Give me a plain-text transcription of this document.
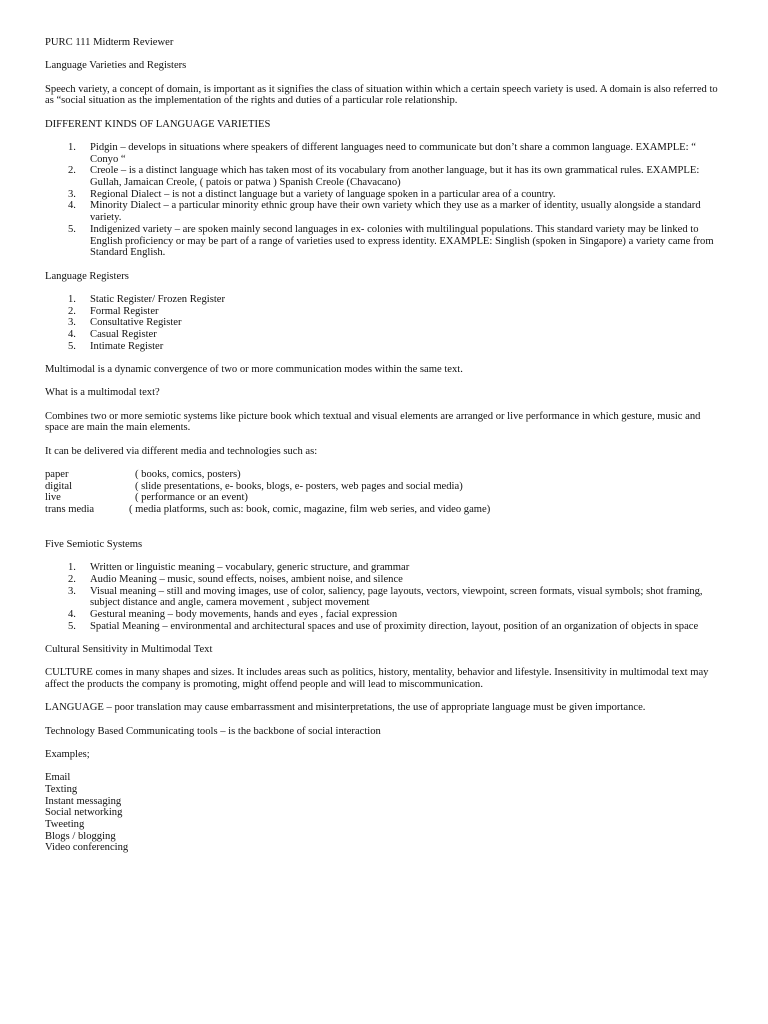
PURC 111 Midterm Reviewer

Language Varieties and Registers

Speech variety, a concept of domain, is important as it signifies the class of situation within which a certain speech variety is used. A domain is also referred to as “social situation as the implementation of the rights and duties of a particular role relationship.

DIFFERENT KINDS OF LANGUAGE VARIETIES

1. Pidgin – develops in situations where speakers of different languages need to communicate but don’t share a common language. EXAMPLE: “ Conyo “
2. Creole – is a distinct language which has taken most of its vocabulary from another language, but it has its own grammatical rules. EXAMPLE: Gullah, Jamaican Creole, ( patois or patwa ) Spanish Creole (Chavacano)
3. Regional Dialect – is not a distinct language but a variety of language spoken in a particular area of a country.
4. Minority Dialect – a particular minority ethnic group have their own variety which they use as a marker of identity, usually alongside a standard variety.
5. Indigenized variety – are spoken mainly second languages in ex- colonies with multilingual populations. This standard variety may be linked to English proficiency or may be part of a range of varieties used to express identity. EXAMPLE: Singlish (spoken in Singapore) a variety came from Standard English.

Language Registers

1. Static Register/ Frozen Register
2. Formal Register
3. Consultative Register
4. Casual Register
5. Intimate Register

Multimodal is a dynamic convergence of two or more communication modes within the same text.

What is a multimodal text?

Combines two or more semiotic systems like picture book which textual and visual elements are arranged or live performance in which gesture, music and space are main the main elements.

It can be delivered via different media and technologies such as:

paper	( books, comics, posters)
digital	( slide presentations, e- books, blogs, e- posters, web pages and social media)
live	( performance or an event)
trans media	( media platforms, such as: book, comic, magazine, film web series, and video game)

Five Semiotic Systems

1. Written or linguistic meaning – vocabulary, generic structure, and grammar
2. Audio Meaning – music, sound effects, noises, ambient noise, and silence
3. Visual meaning – still and moving images, use of color, saliency, page layouts, vectors, viewpoint, screen formats, visual symbols; shot framing, subject distance and angle, camera movement , subject movement
4. Gestural meaning – body movements, hands and eyes , facial expression
5. Spatial Meaning – environmental and architectural spaces and use of proximity direction, layout, position of an organization of objects in space

Cultural Sensitivity in Multimodal Text

CULTURE comes in many shapes and sizes. It includes areas such as politics, history, mentality, behavior and lifestyle. Insensitivity in multimodal text may affect the products the company is promoting, might offend people and will lead to miscommunication.

LANGUAGE – poor translation may cause embarrassment and misinterpretations, the use of appropriate language must be given importance.

Technology Based Communicating tools – is the backbone of social interaction

Examples;

Email
Texting
Instant messaging
Social networking
Tweeting
Blogs / blogging
Video conferencing
